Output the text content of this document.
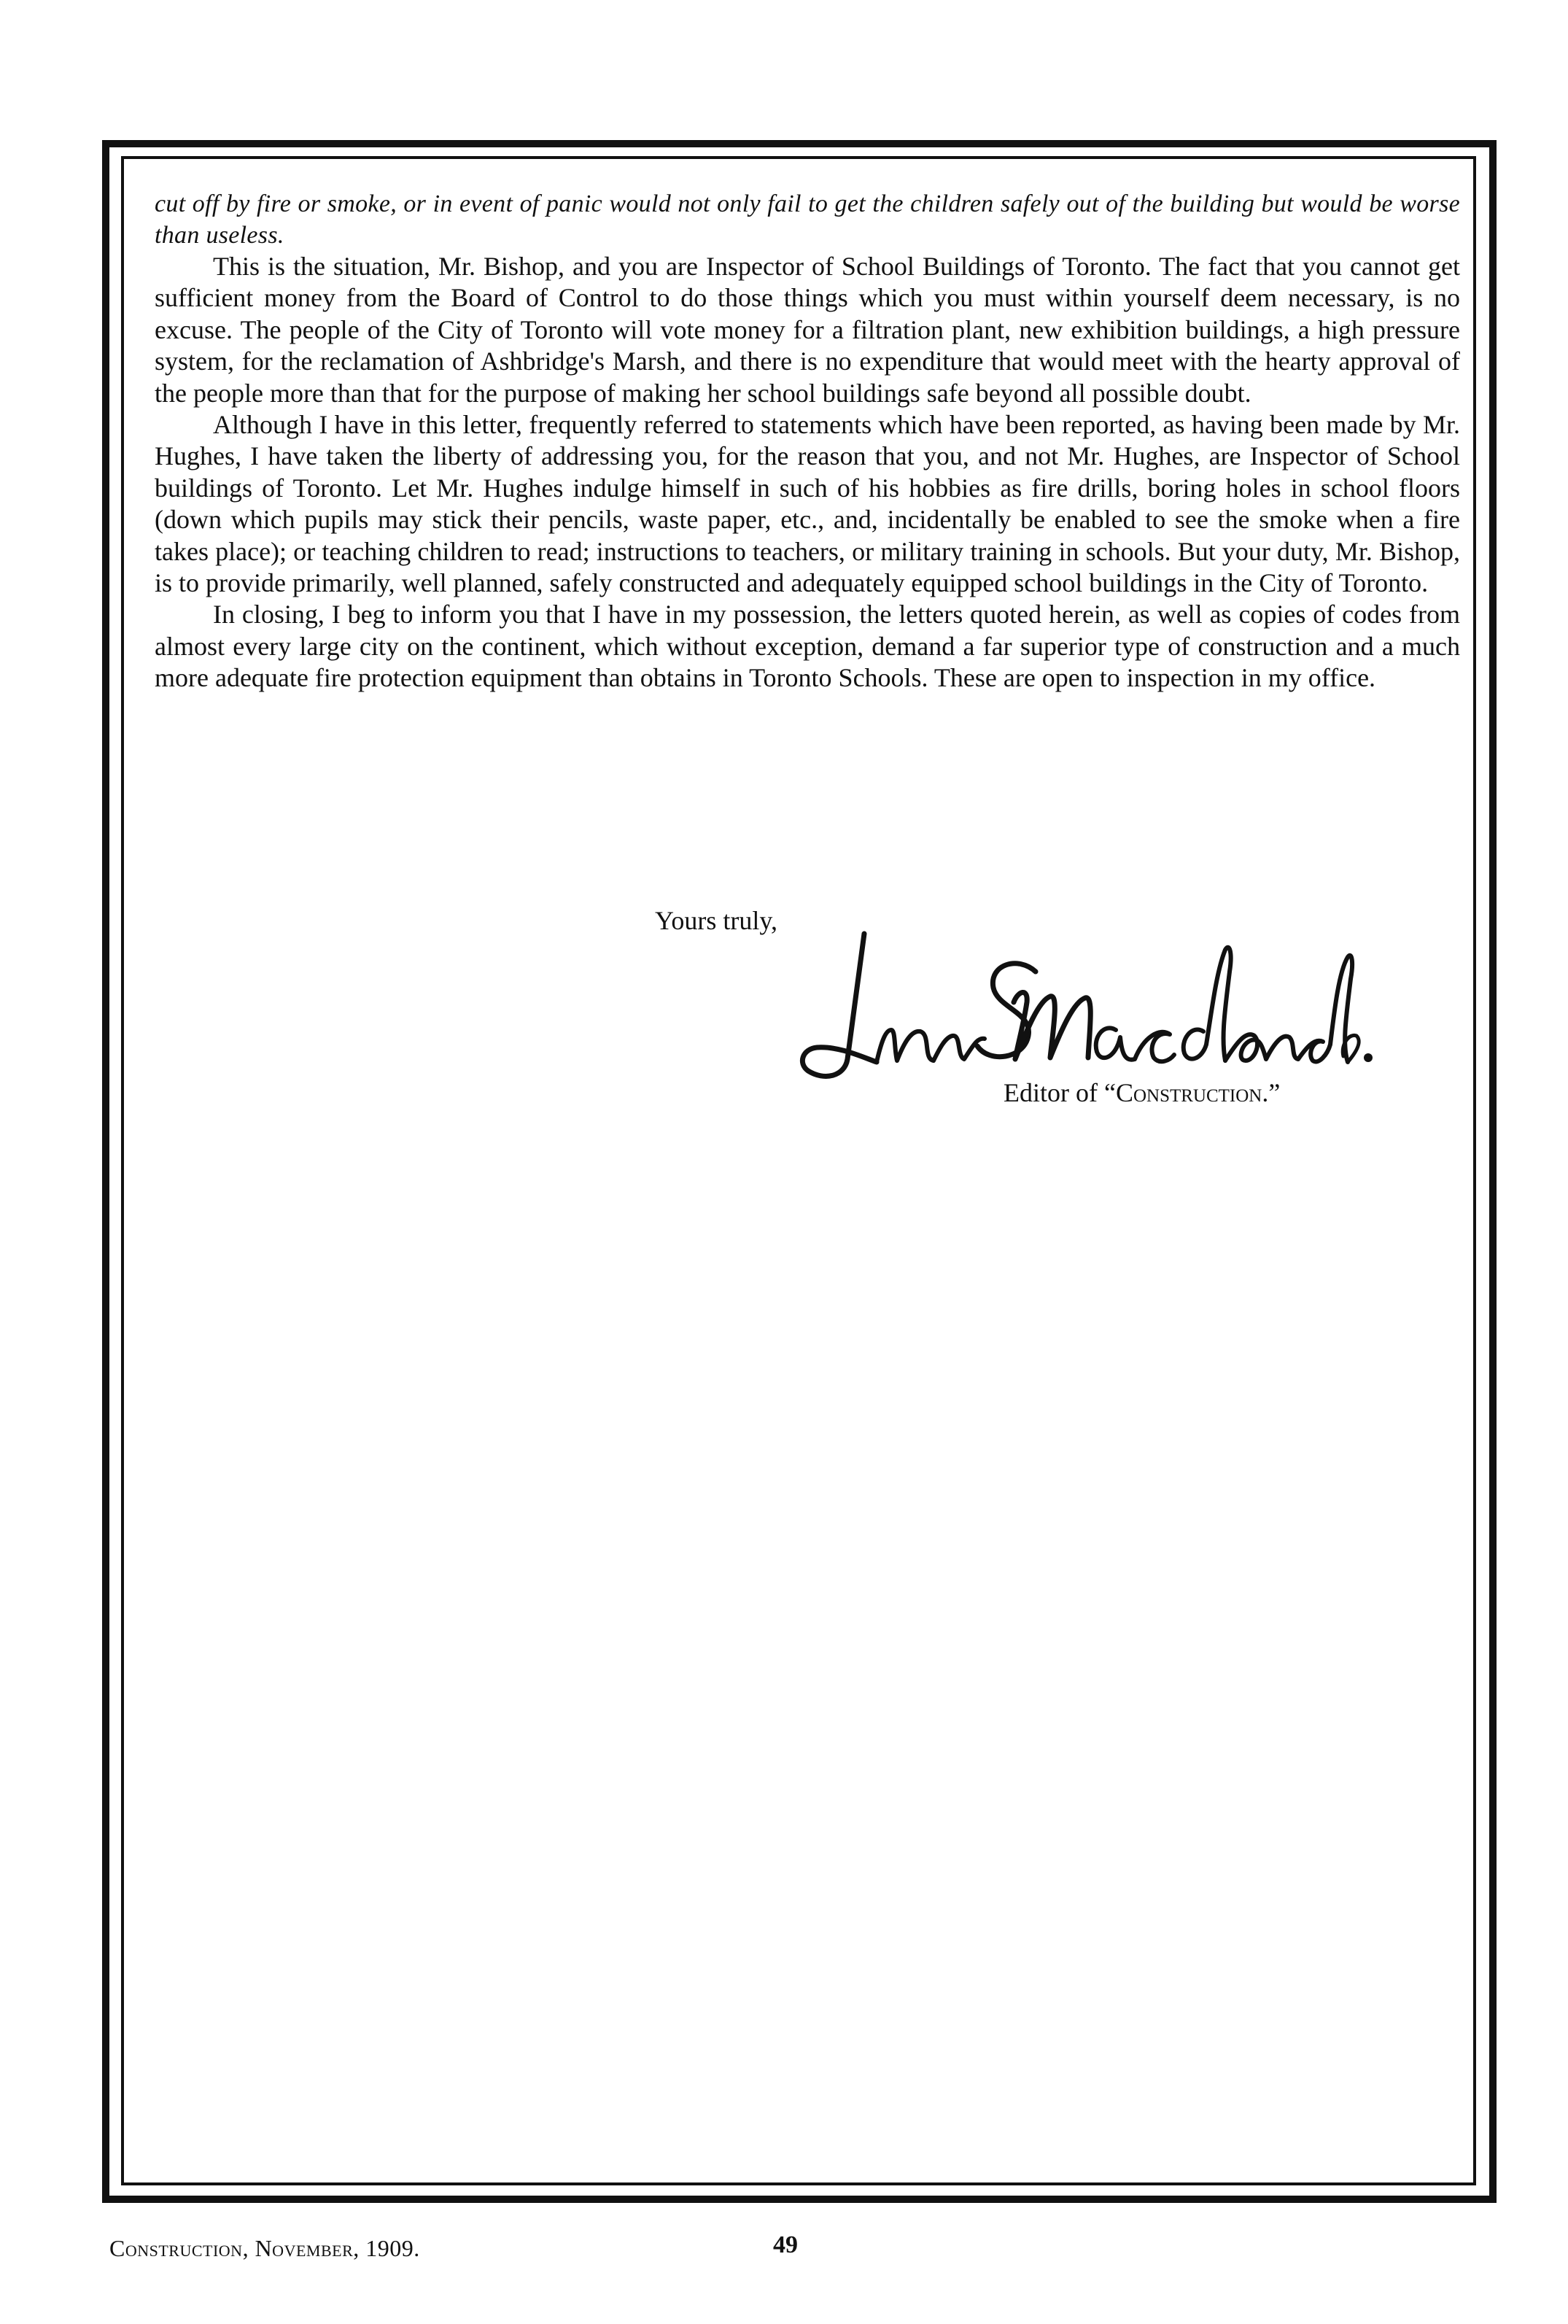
cut off by fire or smoke, or in event of panic would not only fail to get the children safely out of the building but would be worse than useless.

This is the situation, Mr. Bishop, and you are Inspector of School Buildings of Toronto. The fact that you cannot get sufficient money from the Board of Control to do those things which you must within yourself deem necessary, is no excuse. The people of the City of Toronto will vote money for a filtration plant, new exhibition buildings, a high pressure system, for the reclamation of Ashbridge's Marsh, and there is no expenditure that would meet with the hearty approval of the people more than that for the purpose of making her school buildings safe beyond all possible doubt.

Although I have in this letter, frequently referred to statements which have been reported, as having been made by Mr. Hughes, I have taken the liberty of addressing you, for the reason that you, and not Mr. Hughes, are Inspector of School buildings of Toronto. Let Mr. Hughes indulge himself in such of his hobbies as fire drills, boring holes in school floors (down which pupils may stick their pencils, waste paper, etc., and, incidentally be enabled to see the smoke when a fire takes place); or teaching children to read; instructions to teachers, or military training in schools. But your duty, Mr. Bishop, is to provide primarily, well planned, safely constructed and adequately equipped school buildings in the City of Toronto.

In closing, I beg to inform you that I have in my possession, the letters quoted herein, as well as copies of codes from almost every large city on the continent, which without exception, demand a far superior type of construction and a much more adequate fire protection equipment than obtains in Toronto Schools. These are open to inspection in my office.

Yours truly,

Editor of “Construction.”

Construction, November, 1909.	49
